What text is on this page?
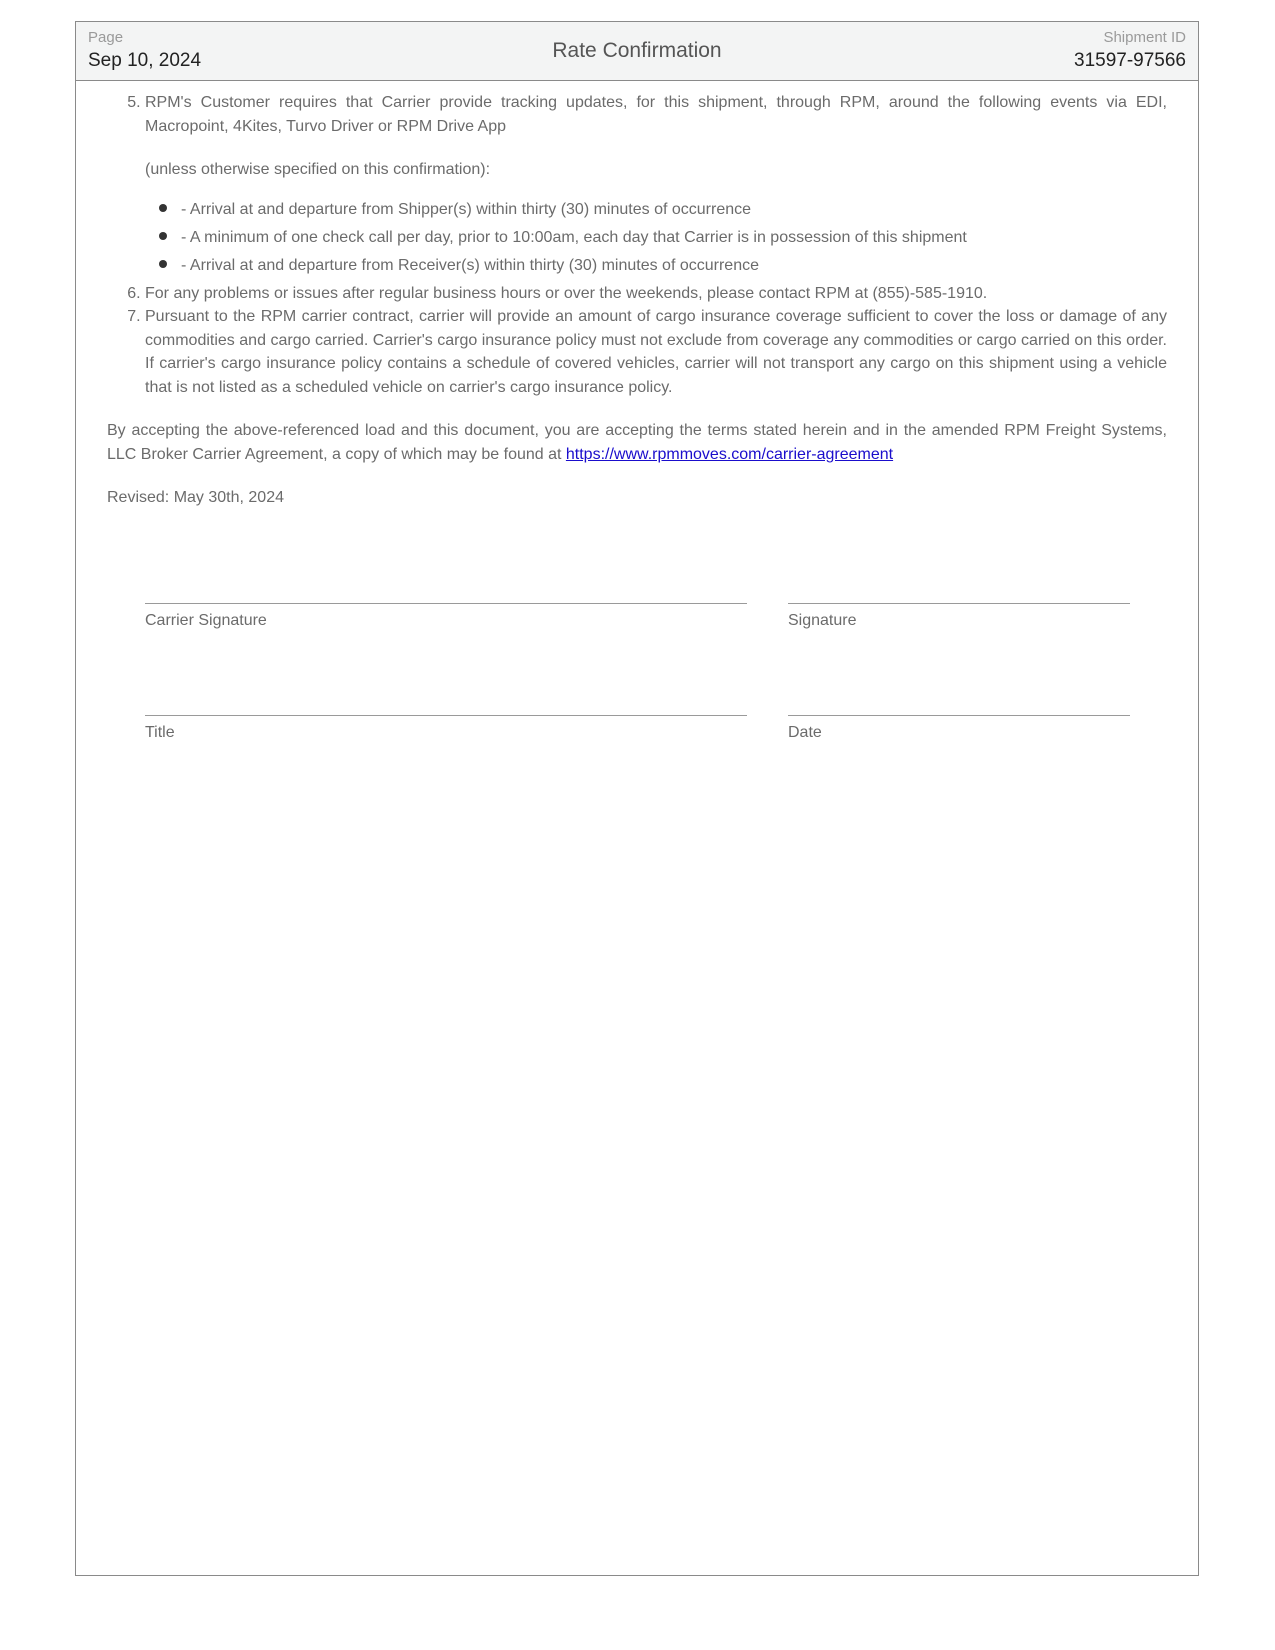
Page
Sep 10, 2024	Rate Confirmation
Shipment ID
31597-97566
5. RPM's Customer requires that Carrier provide tracking updates, for this shipment, through RPM, around the following events via EDI, Macropoint, 4Kites, Turvo Driver or RPM Drive App
(unless otherwise specified on this confirmation):
- Arrival at and departure from Shipper(s) within thirty (30) minutes of occurrence
- A minimum of one check call per day, prior to 10:00am, each day that Carrier is in possession of this shipment
- Arrival at and departure from Receiver(s) within thirty (30) minutes of occurrence
6. For any problems or issues after regular business hours or over the weekends, please contact RPM at (855)-585-1910.
7. Pursuant to the RPM carrier contract, carrier will provide an amount of cargo insurance coverage sufficient to cover the loss or damage of any commodities and cargo carried. Carrier's cargo insurance policy must not exclude from coverage any commodities or cargo carried on this order. If carrier's cargo insurance policy contains a schedule of covered vehicles, carrier will not transport any cargo on this shipment using a vehicle that is not listed as a scheduled vehicle on carrier's cargo insurance policy.
By accepting the above-referenced load and this document, you are accepting the terms stated herein and in the amended RPM Freight Systems, LLC Broker Carrier Agreement, a copy of which may be found at https://www.rpmmoves.com/carrier-agreement
Revised: May 30th, 2024
Carrier Signature	Signature
Title	Date
